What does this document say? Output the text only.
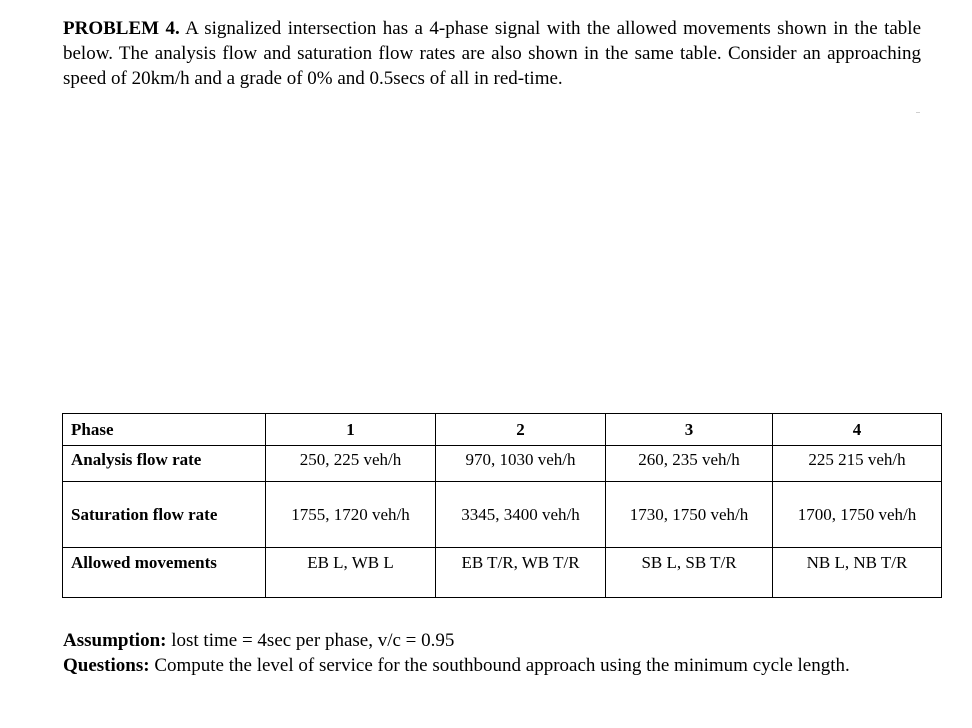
PROBLEM 4. A signalized intersection has a 4-phase signal with the allowed movements shown in the table below. The analysis flow and saturation flow rates are also shown in the same table. Consider an approaching speed of 20km/h and a grade of 0% and 0.5secs of all in red-time.
Phase	1	2	3	4
Analysis flow rate	250, 225 veh/h	970, 1030 veh/h	260, 235 veh/h	225 215 veh/h
Saturation flow rate	1755, 1720 veh/h	3345, 3400 veh/h	1730, 1750 veh/h	1700, 1750 veh/h
Allowed movements	EB L, WB L	EB T/R, WB T/R	SB L, SB T/R	NB L, NB T/R
Assumption: lost time = 4sec per phase, v/c = 0.95
Questions: Compute the level of service for the southbound approach using the minimum cycle length.
